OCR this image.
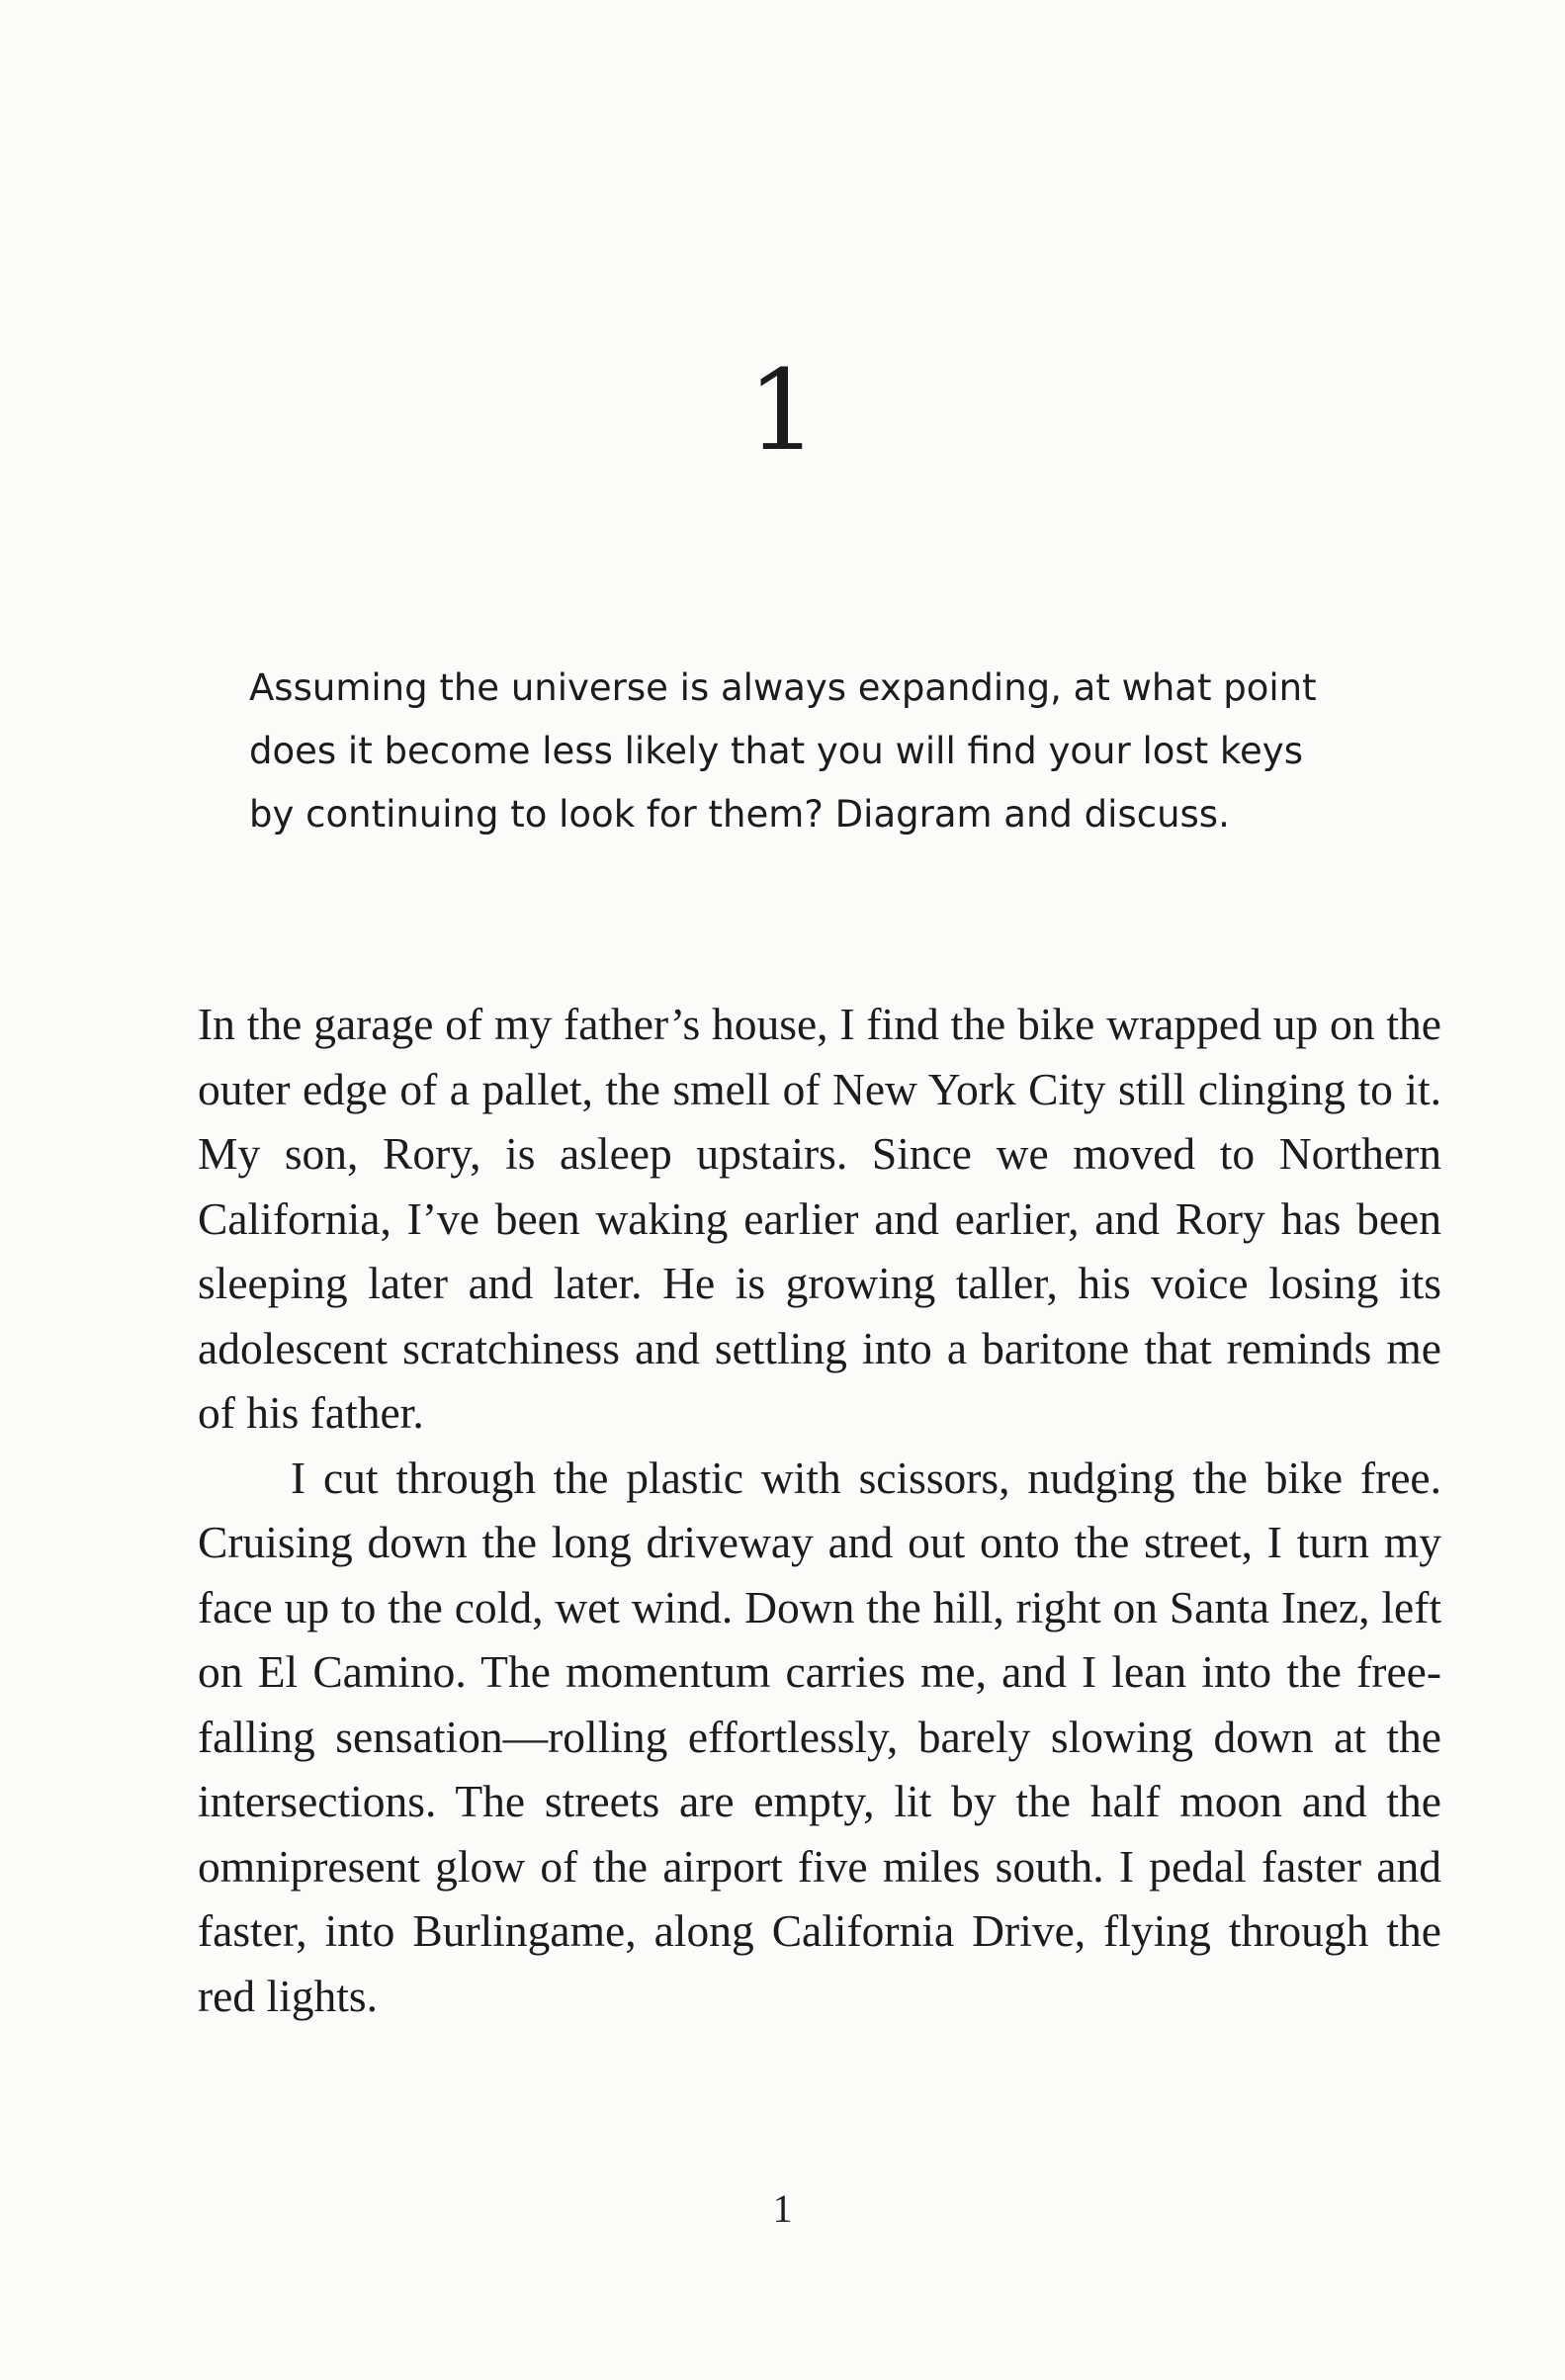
1

Assuming the universe is always expanding, at what point does it become less likely that you will find your lost keys by continuing to look for them? Diagram and discuss.

In the garage of my father’s house, I find the bike wrapped up on the outer edge of a pallet, the smell of New York City still clinging to it. My son, Rory, is asleep upstairs. Since we moved to Northern California, I’ve been waking earlier and earlier, and Rory has been sleeping later and later. He is growing taller, his voice losing its adolescent scratchiness and settling into a baritone that reminds me of his father.

I cut through the plastic with scissors, nudging the bike free. Cruising down the long driveway and out onto the street, I turn my face up to the cold, wet wind. Down the hill, right on Santa Inez, left on El Camino. The momentum carries me, and I lean into the free-falling sensation—rolling effortlessly, barely slowing down at the intersections. The streets are empty, lit by the half moon and the omnipresent glow of the airport five miles south. I pedal faster and faster, into Burlingame, along California Drive, flying through the red lights.

1
